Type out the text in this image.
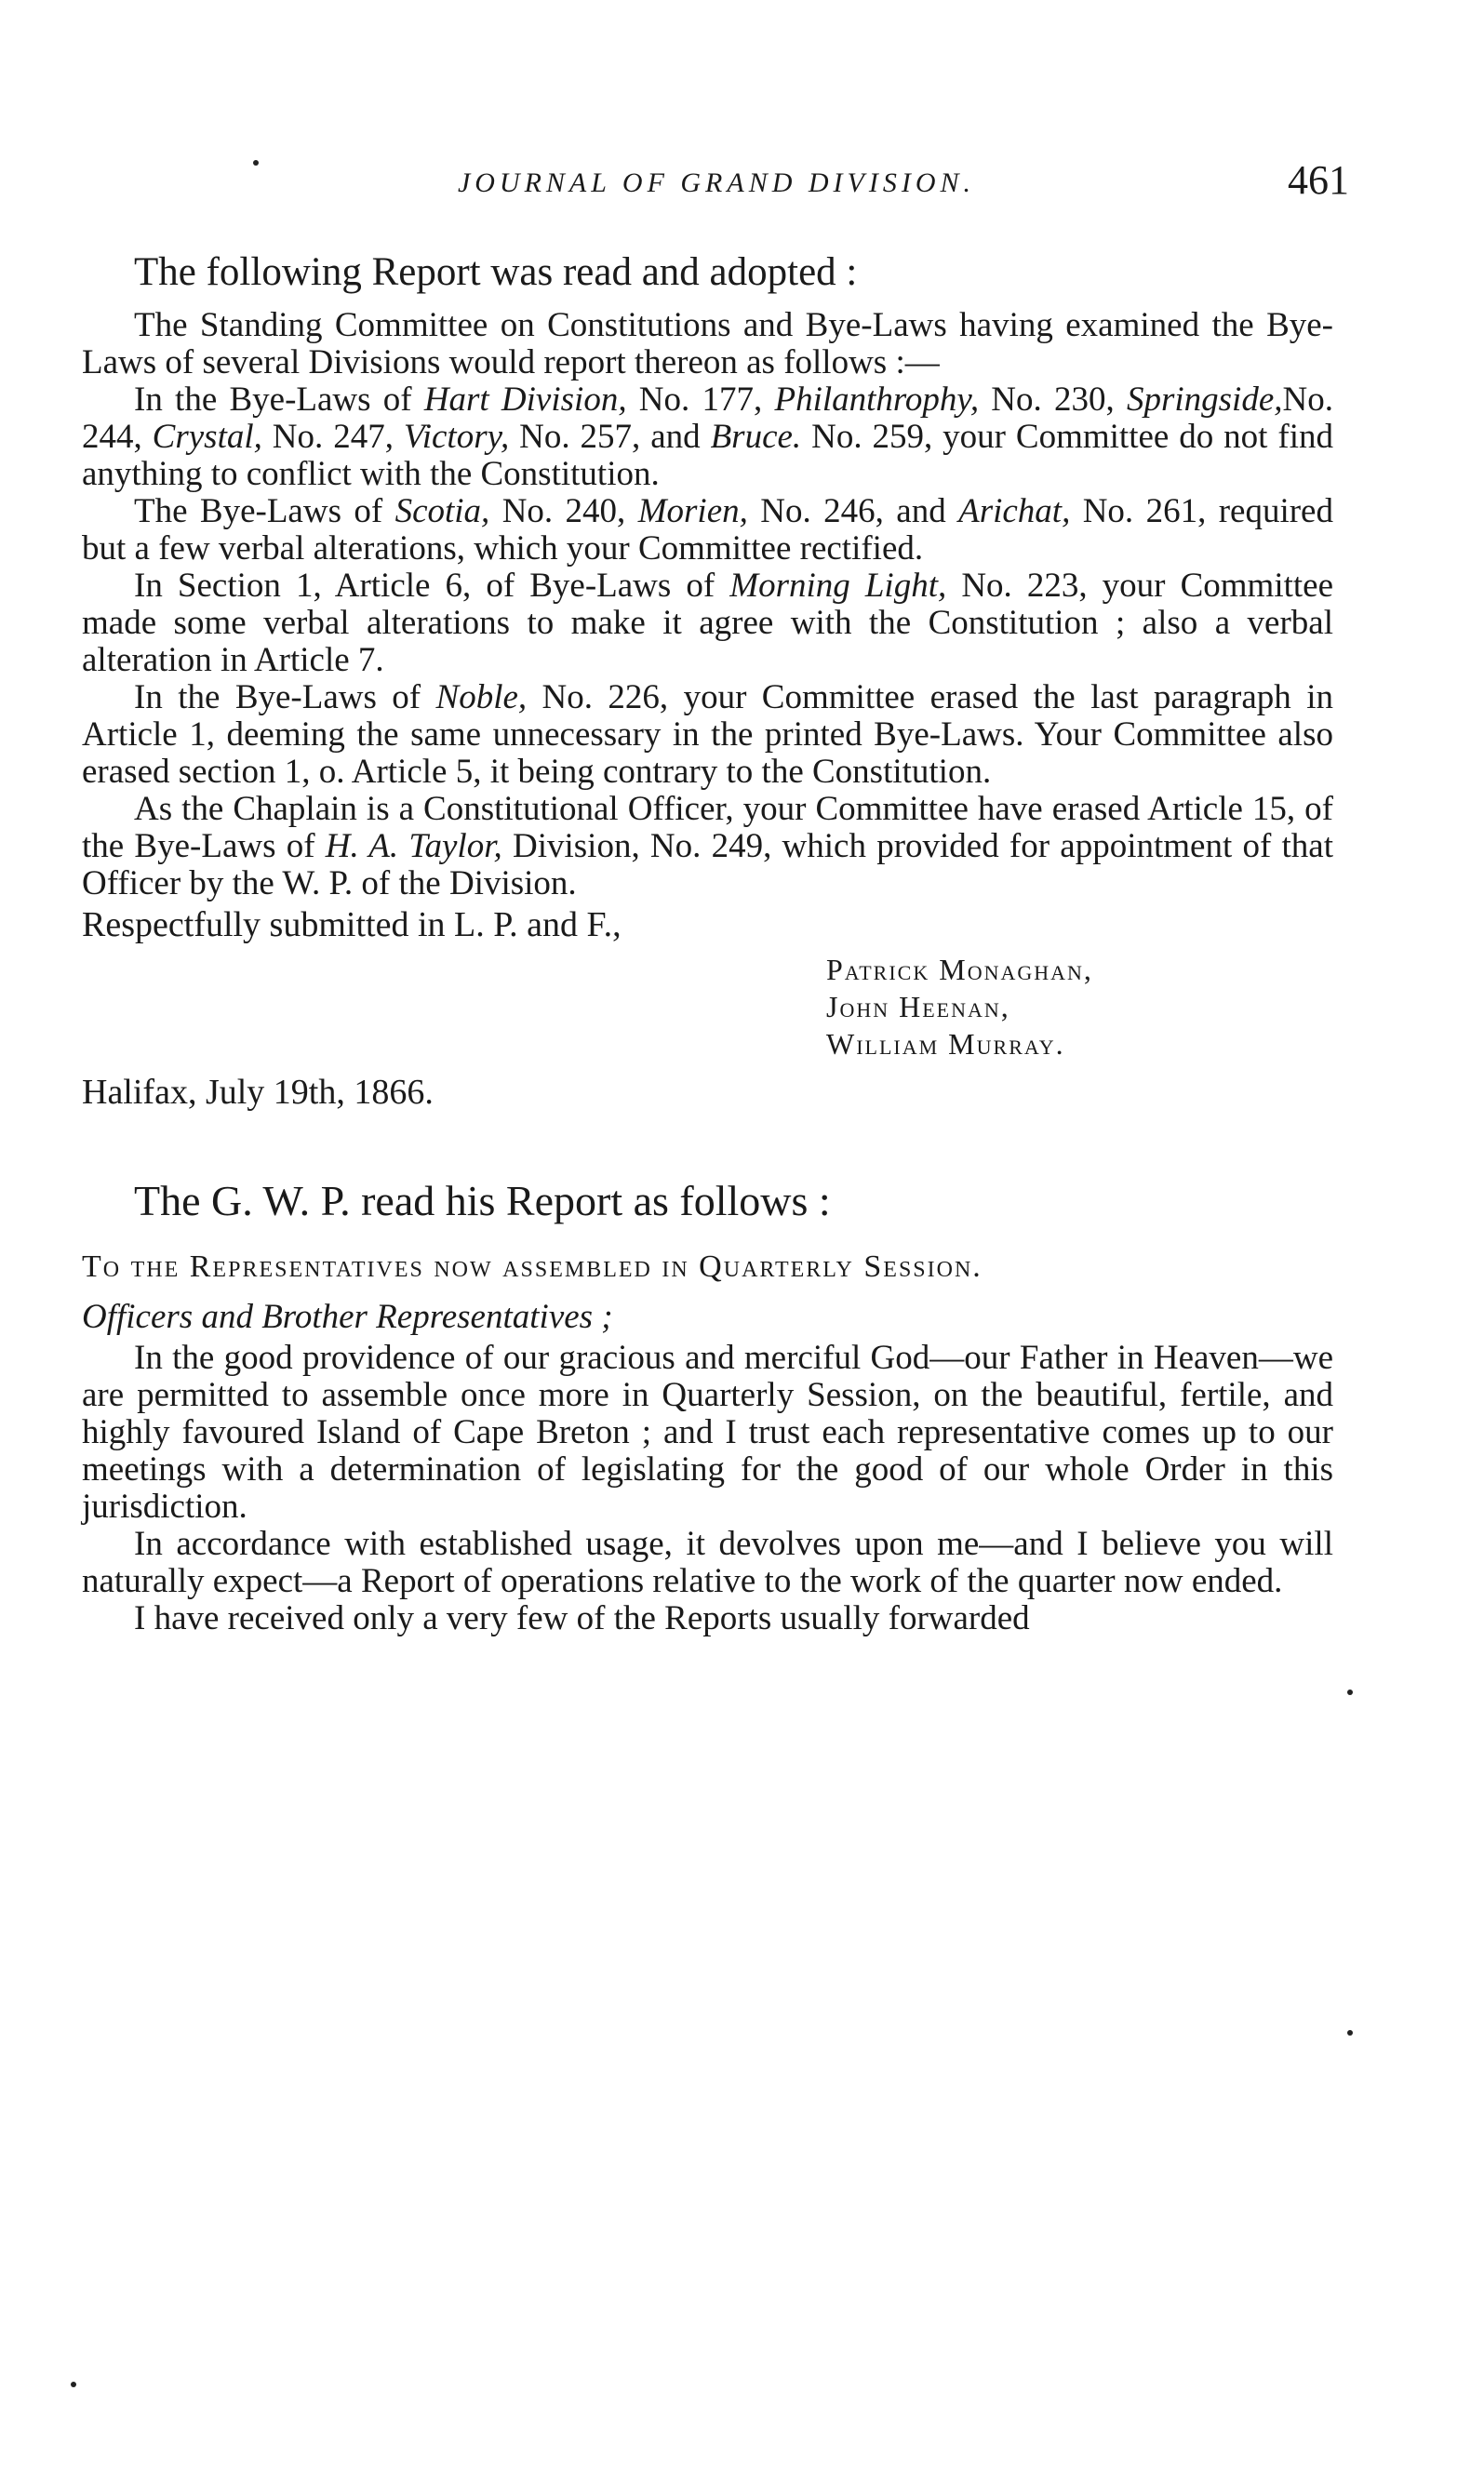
JOURNAL OF GRAND DIVISION.	461

The following Report was read and adopted :

The Standing Committee on Constitutions and Bye-Laws having examined the Bye-Laws of several Divisions would report thereon as follows :—

In the Bye-Laws of Hart Division, No. 177, Philanthrophy, No. 230, Springside,No. 244, Crystal, No. 247, Victory, No. 257, and Bruce. No. 259, your Committee do not find anything to conflict with the Constitution.

The Bye-Laws of Scotia, No. 240, Morien, No. 246, and Arichat, No. 261, required but a few verbal alterations, which your Committee rectified.

In Section 1, Article 6, of Bye-Laws of Morning Light, No. 223, your Committee made some verbal alterations to make it agree with the Constitution ; also a verbal alteration in Article 7.

In the Bye-Laws of Noble, No. 226, your Committee erased the last paragraph in Article 1, deeming the same unnecessary in the printed Bye-Laws. Your Committee also erased section 1, o. Article 5, it being contrary to the Constitution.

As the Chaplain is a Constitutional Officer, your Committee have erased Article 15, of the Bye-Laws of H. A. Taylor, Division, No. 249, which provided for appointment of that Officer by the W. P. of the Division.

Respectfully submitted in L. P. and F.,

Patrick Monaghan,
John Heenan,
William Murray.

Halifax, July 19th, 1866.

The G. W. P. read his Report as follows :

To the Representatives now assembled in Quarterly Session.

Officers and Brother Representatives ;

In the good providence of our gracious and merciful God—our Father in Heaven—we are permitted to assemble once more in Quarterly Session, on the beautiful, fertile, and highly favoured Island of Cape Breton ; and I trust each representative comes up to our meetings with a determination of legislating for the good of our whole Order in this jurisdiction.

In accordance with established usage, it devolves upon me—and I believe you will naturally expect—a Report of operations relative to the work of the quarter now ended.

I have received only a very few of the Reports usually forwarded
